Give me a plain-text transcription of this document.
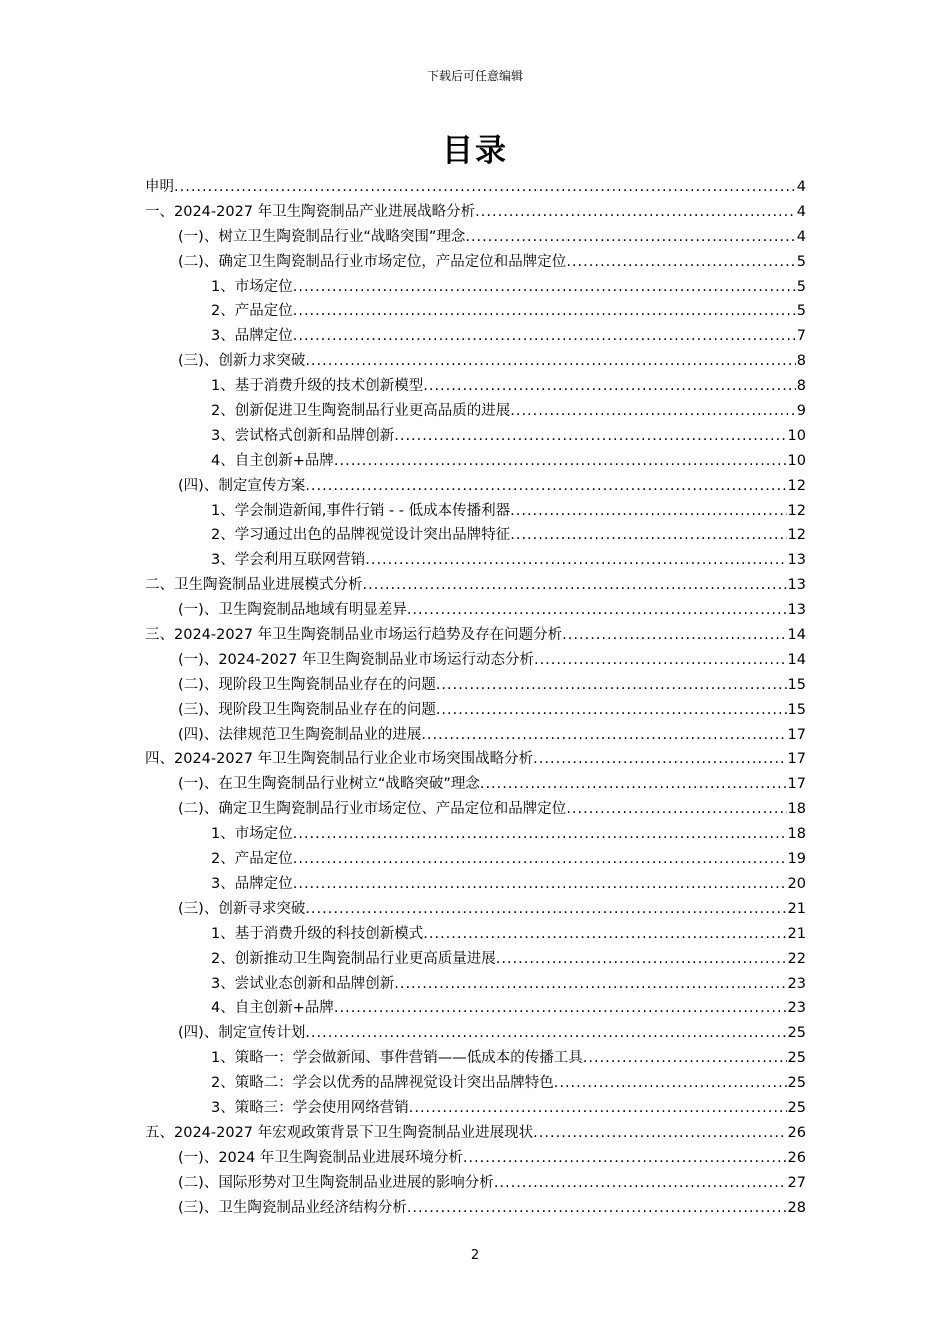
下载后可任意编辑
目录
申明 .....	4
一、2024-2027 年卫生陶瓷制品产业进展战略分析 .....	4
(一)、树立卫生陶瓷制品行业“战略突围”理念 .....	4
(二)、确定卫生陶瓷制品行业市场定位，产品定位和品牌定位 .....	5
1、市场定位 .....	5
2、产品定位 .....	5
3、品牌定位 .....	7
(三)、创新力求突破 .....	8
1、基于消费升级的技术创新模型 .....	8
2、创新促进卫生陶瓷制品行业更高品质的进展 .....	9
3、尝试格式创新和品牌创新 .....	10
4、自主创新+品牌 .....	10
(四)、制定宣传方案 .....	12
1、学会制造新闻,事件行销 - - 低成本传播利器 .....	12
2、学习通过出色的品牌视觉设计突出品牌特征 .....	12
3、学会利用互联网营销 .....	13
二、卫生陶瓷制品业进展模式分析 .....	13
(一)、卫生陶瓷制品地域有明显差异 .....	13
三、2024-2027 年卫生陶瓷制品业市场运行趋势及存在问题分析 .....	14
(一)、2024-2027 年卫生陶瓷制品业市场运行动态分析 .....	14
(二)、现阶段卫生陶瓷制品业存在的问题 .....	15
(三)、现阶段卫生陶瓷制品业存在的问题 .....	15
(四)、法律规范卫生陶瓷制品业的进展 .....	17
四、2024-2027 年卫生陶瓷制品行业企业市场突围战略分析 .....	17
(一)、在卫生陶瓷制品行业树立“战略突破”理念 .....	17
(二)、确定卫生陶瓷制品行业市场定位、产品定位和品牌定位 .....	18
1、市场定位 .....	18
2、产品定位 .....	19
3、品牌定位 .....	20
(三)、创新寻求突破 .....	21
1、基于消费升级的科技创新模式 .....	21
2、创新推动卫生陶瓷制品行业更高质量进展 .....	22
3、尝试业态创新和品牌创新 .....	23
4、自主创新+品牌 .....	23
(四)、制定宣传计划 .....	25
1、策略一：学会做新闻、事件营销——低成本的传播工具 .....	25
2、策略二：学会以优秀的品牌视觉设计突出品牌特色 .....	25
3、策略三：学会使用网络营销 .....	25
五、2024-2027 年宏观政策背景下卫生陶瓷制品业进展现状 .....	26
(一)、2024 年卫生陶瓷制品业进展环境分析 .....	26
(二)、国际形势对卫生陶瓷制品业进展的影响分析 .....	27
(三)、卫生陶瓷制品业经济结构分析 .....	28
2
